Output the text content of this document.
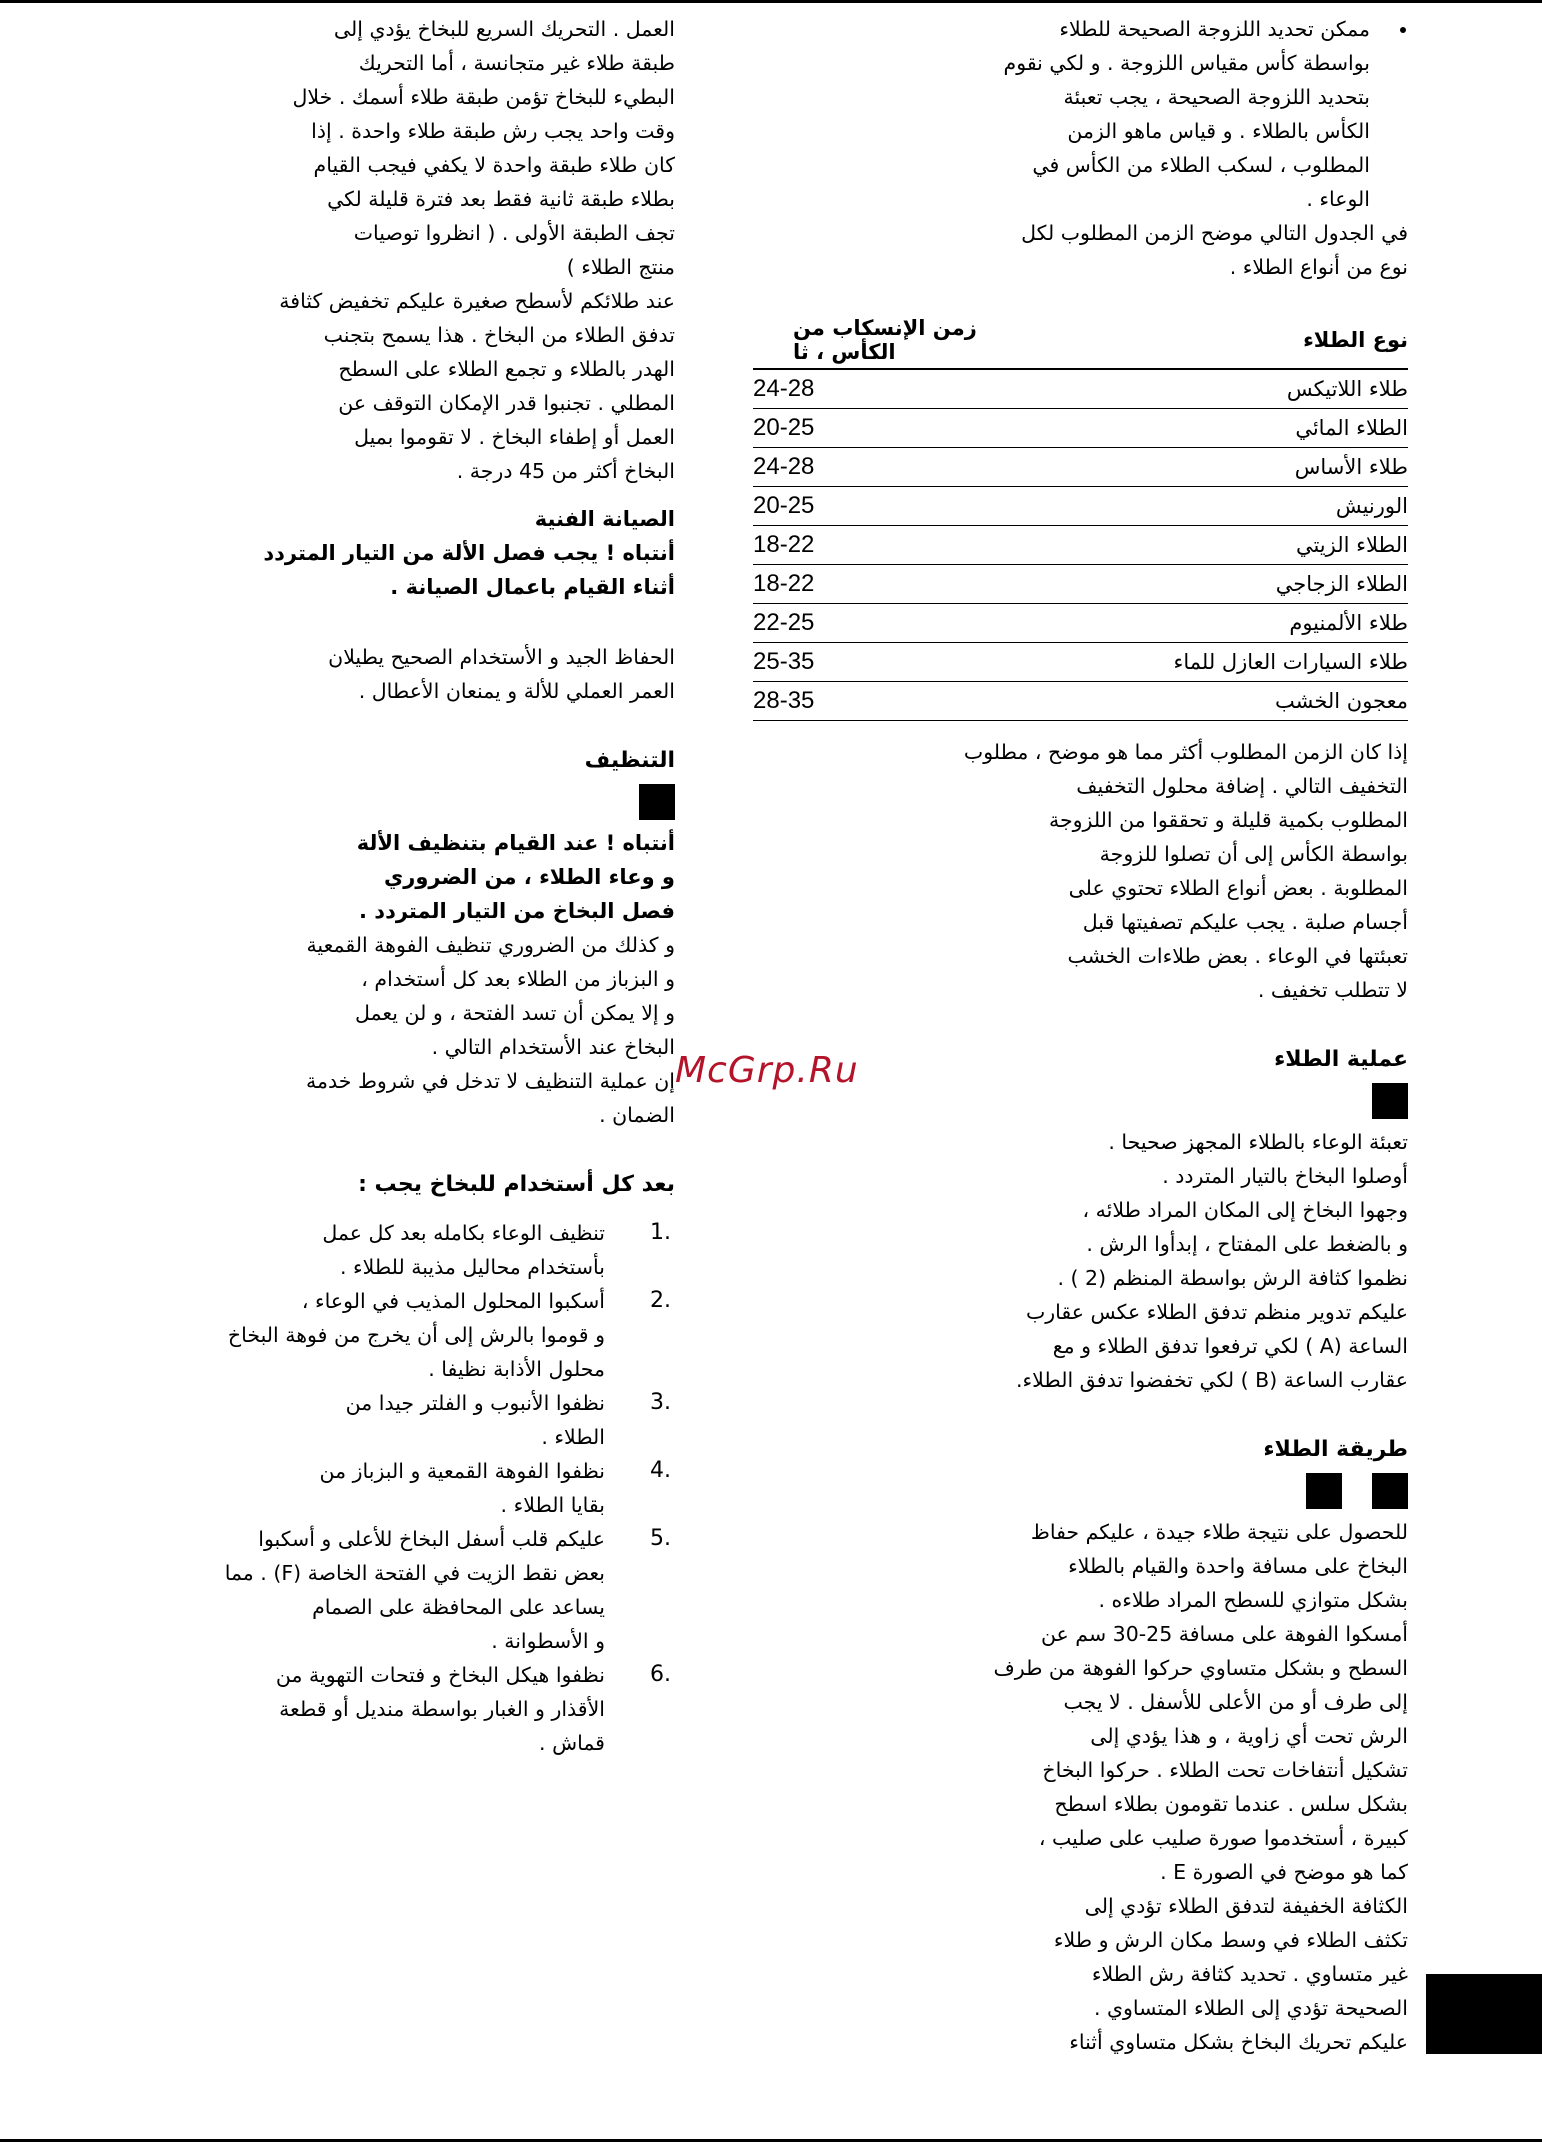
ممكن تحديد اللزوجة الصحيحة للطلاء
بواسطة كأس مقياس اللزوجة . و لكي نقوم
بتحديد اللزوجة الصحيحة ، يجب تعبئة
الكأس بالطلاء . و قياس ماهو الزمن
المطلوب ، لسكب الطلاء من الكأس في
الوعاء .

في الجدول التالي موضح الزمن المطلوب لكل
نوع من أنواع الطلاء .

نوع الطلاء	زمن الإنسكاب من الكأس ، ثا
طلاء اللاتيكس	24-28
الطلاء المائي	20-25
طلاء الأساس	24-28
الورنيش	20-25
الطلاء الزيتي	18-22
الطلاء الزجاجي	18-22
طلاء الألمنيوم	22-25
طلاء السيارات العازل للماء	25-35
معجون الخشب	28-35

إذا كان الزمن المطلوب أكثر مما هو موضح ، مطلوب
التخفيف التالي . إضافة محلول التخفيف
المطلوب بكمية قليلة و تحققوا من اللزوجة
بواسطة الكأس إلى أن تصلوا للزوجة
المطلوبة . بعض أنواع الطلاء تحتوي على
أجسام صلبة . يجب عليكم تصفيتها قبل
تعبئتها في الوعاء . بعض طلاءات الخشب
لا تتطلب تخفيف .

عملية الطلاء

تعبئة الوعاء بالطلاء المجهز صحيحا .
أوصلوا البخاخ بالتيار المتردد .
وجهوا البخاخ إلى المكان المراد طلائه ،
و بالضغط على المفتاح ، إبدأوا الرش .
نظموا كثافة الرش بواسطة المنظم (2 ) .
عليكم تدوير منظم تدفق الطلاء عكس عقارب
الساعة (A ) لكي ترفعوا تدفق الطلاء و مع
عقارب الساعة (B ) لكي تخفضوا تدفق الطلاء.

طريقة الطلاء

للحصول على نتيجة طلاء جيدة ، عليكم حفاظ
البخاخ على مسافة واحدة والقيام بالطلاء
بشكل متوازي للسطح المراد طلاءه .
أمسكوا الفوهة على مسافة 25-30 سم عن
السطح و بشكل متساوي حركوا الفوهة من طرف
إلى طرف أو من الأعلى للأسفل . لا يجب
الرش تحت أي زاوية ، و هذا يؤدي إلى
تشكيل أنتفاخات تحت الطلاء . حركوا البخاخ
بشكل سلس . عندما تقومون بطلاء اسطح
كبيرة ، أستخدموا صورة صليب على صليب ،
كما هو موضح في الصورة E .
الكثافة الخفيفة لتدفق الطلاء تؤدي إلى
تكثف الطلاء في وسط مكان الرش و طلاء
غير متساوي . تحديد كثافة رش الطلاء
الصحيحة تؤدي إلى الطلاء المتساوي .
عليكم تحريك البخاخ بشكل متساوي أثناء

العمل . التحريك السريع للبخاخ يؤدي إلى
طبقة طلاء غير متجانسة ، أما التحريك
البطيء للبخاخ تؤمن طبقة طلاء أسمك . خلال
وقت واحد يجب رش طبقة طلاء واحدة . إذا
كان طلاء طبقة واحدة لا يكفي فيجب القيام
بطلاء طبقة ثانية فقط بعد فترة قليلة لكي
تجف الطبقة الأولى . ( انظروا توصيات
منتج الطلاء )
عند طلائكم لأسطح صغيرة عليكم تخفيض كثافة
تدفق الطلاء من البخاخ . هذا يسمح بتجنب
الهدر بالطلاء و تجمع الطلاء على السطح
المطلي . تجنبوا قدر الإمكان التوقف عن
العمل أو إطفاء البخاخ . لا تقوموا بميل
البخاخ أكثر من 45 درجة .

الصيانة الفنية

أنتباه ! يجب فصل الألة من التيار المتردد
أثناء القيام باعمال الصيانة .

الحفاظ الجيد و الأستخدام الصحيح يطيلان
العمر العملي للألة و يمنعان الأعطال .

التنظيف

أنتباه ! عند القيام بتنظيف الألة
و وعاء الطلاء ، من الضروري
فصل البخاخ من التيار المتردد .

و كذلك من الضروري تنظيف الفوهة القمعية
و البزباز من الطلاء بعد كل أستخدام ،
و إلا يمكن أن تسد الفتحة ، و لن يعمل
البخاخ عند الأستخدام التالي .
إن عملية التنظيف لا تدخل في شروط خدمة
الضمان .

بعد كل أستخدام للبخاخ يجب :

1.

تنظيف الوعاء بكامله بعد كل عمل
بأستخدام محاليل مذيبة للطلاء .

2.

أسكبوا المحلول المذيب في الوعاء ،
و قوموا بالرش إلى أن يخرج من فوهة البخاخ
محلول الأذابة نظيفا .

3.

نظفوا الأنبوب و الفلتر جيدا من
الطلاء .

4.

نظفوا الفوهة القمعية و البزباز من
بقايا الطلاء .

5.

عليكم قلب أسفل البخاخ للأعلى و أسكبوا
بعض نقط الزيت في الفتحة الخاصة (F) . مما
يساعد على المحافظة على الصمام
و الأسطوانة .

6.

نظفوا هيكل البخاخ و فتحات التهوية من
الأقذار و الغبار بواسطة منديل أو قطعة
قماش .

McGrp.Ru
